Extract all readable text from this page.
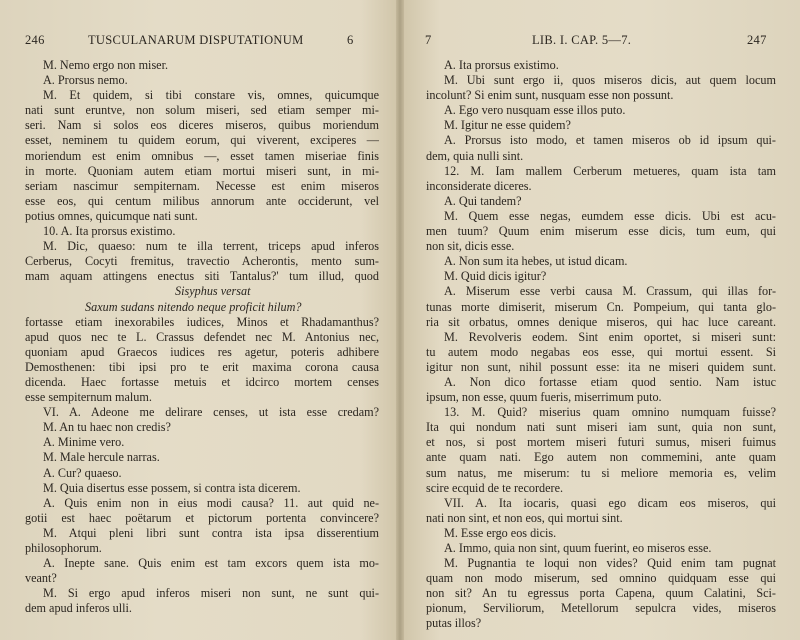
246	TUSCULANARUM DISPUTATIONUM	6

M. Nemo ergo non miser.

A. Prorsus nemo.

M. Et quidem, si tibi constare vis, omnes, quicumque

nati sunt eruntve, non solum miseri, sed etiam semper mi-

seri. Nam si solos eos diceres miseros, quibus moriendum

esset, neminem tu quidem eorum, qui viverent, exciperes —

moriendum est enim omnibus —, esset tamen miseriae finis

in morte. Quoniam autem etiam mortui miseri sunt, in mi-

seriam nascimur sempiternam. Necesse est enim miseros

esse eos, qui centum milibus annorum ante occiderunt, vel

potius omnes, quicumque nati sunt.

10. A. Ita prorsus existimo.

M. Dic, quaeso: num te illa terrent, triceps apud inferos

Cerberus, Cocyti fremitus, travectio Acherontis, mento sum-

mam aquam attingens enectus siti Tantalus?' tum illud, quod

Sisyphus versat

Saxum sudans nitendo neque proficit hilum?

fortasse etiam inexorabiles iudices, Minos et Rhadamanthus?

apud quos nec te L. Crassus defendet nec M. Antonius nec,

quoniam apud Graecos iudices res agetur, poteris adhibere

Demosthenen: tibi ipsi pro te erit maxima corona causa

dicenda. Haec fortasse metuis et idcirco mortem censes

esse sempiternum malum.

VI. A. Adeone me delirare censes, ut ista esse credam?

M. An tu haec non credis?

A. Minime vero.

M. Male hercule narras.

A. Cur? quaeso.

M. Quia disertus esse possem, si contra ista dicerem.

A. Quis enim non in eius modi causa? 11. aut quid ne-

gotii est haec poëtarum et pictorum portenta convincere?

M. Atqui pleni libri sunt contra ista ipsa disserentium

philosophorum.

A. Inepte sane. Quis enim est tam excors quem ista mo-

veant?

M. Si ergo apud inferos miseri non sunt, ne sunt qui-

dem apud inferos ulli.

7	LIB. I. CAP. 5—7.	247

A. Ita prorsus existimo.

M. Ubi sunt ergo ii, quos miseros dicis, aut quem locum

incolunt? Si enim sunt, nusquam esse non possunt.

A. Ego vero nusquam esse illos puto.

M. Igitur ne esse quidem?

A. Prorsus isto modo, et tamen miseros ob id ipsum qui-

dem, quia nulli sint.

12. M. Iam mallem Cerberum metueres, quam ista tam

inconsiderate diceres.

A. Qui tandem?

M. Quem esse negas, eumdem esse dicis. Ubi est acu-

men tuum? Quum enim miserum esse dicis, tum eum, qui

non sit, dicis esse.

A. Non sum ita hebes, ut istud dicam.

M. Quid dicis igitur?

A. Miserum esse verbi causa M. Crassum, qui illas for-

tunas morte dimiserit, miserum Cn. Pompeium, qui tanta glo-

ria sit orbatus, omnes denique miseros, qui hac luce careant.

M. Revolveris eodem. Sint enim oportet, si miseri sunt:

tu autem modo negabas eos esse, qui mortui essent. Si

igitur non sunt, nihil possunt esse: ita ne miseri quidem sunt.

A. Non dico fortasse etiam quod sentio. Nam istuc

ipsum, non esse, quum fueris, miserrimum puto.

13. M. Quid? miserius quam omnino numquam fuisse?

Ita qui nondum nati sunt miseri iam sunt, quia non sunt,

et nos, si post mortem miseri futuri sumus, miseri fuimus

ante quam nati. Ego autem non commemini, ante quam

sum natus, me miserum: tu si meliore memoria es, velim

scire ecquid de te recordere.

VII. A. Ita iocaris, quasi ego dicam eos miseros, qui

nati non sint, et non eos, qui mortui sint.

M. Esse ergo eos dicis.

A. Immo, quia non sint, quum fuerint, eo miseros esse.

M. Pugnantia te loqui non vides? Quid enim tam pugnat

quam non modo miserum, sed omnino quidquam esse qui

non sit? An tu egressus porta Capena, quum Calatini, Sci-

pionum, Serviliorum, Metellorum sepulcra vides, miseros

putas illos?
